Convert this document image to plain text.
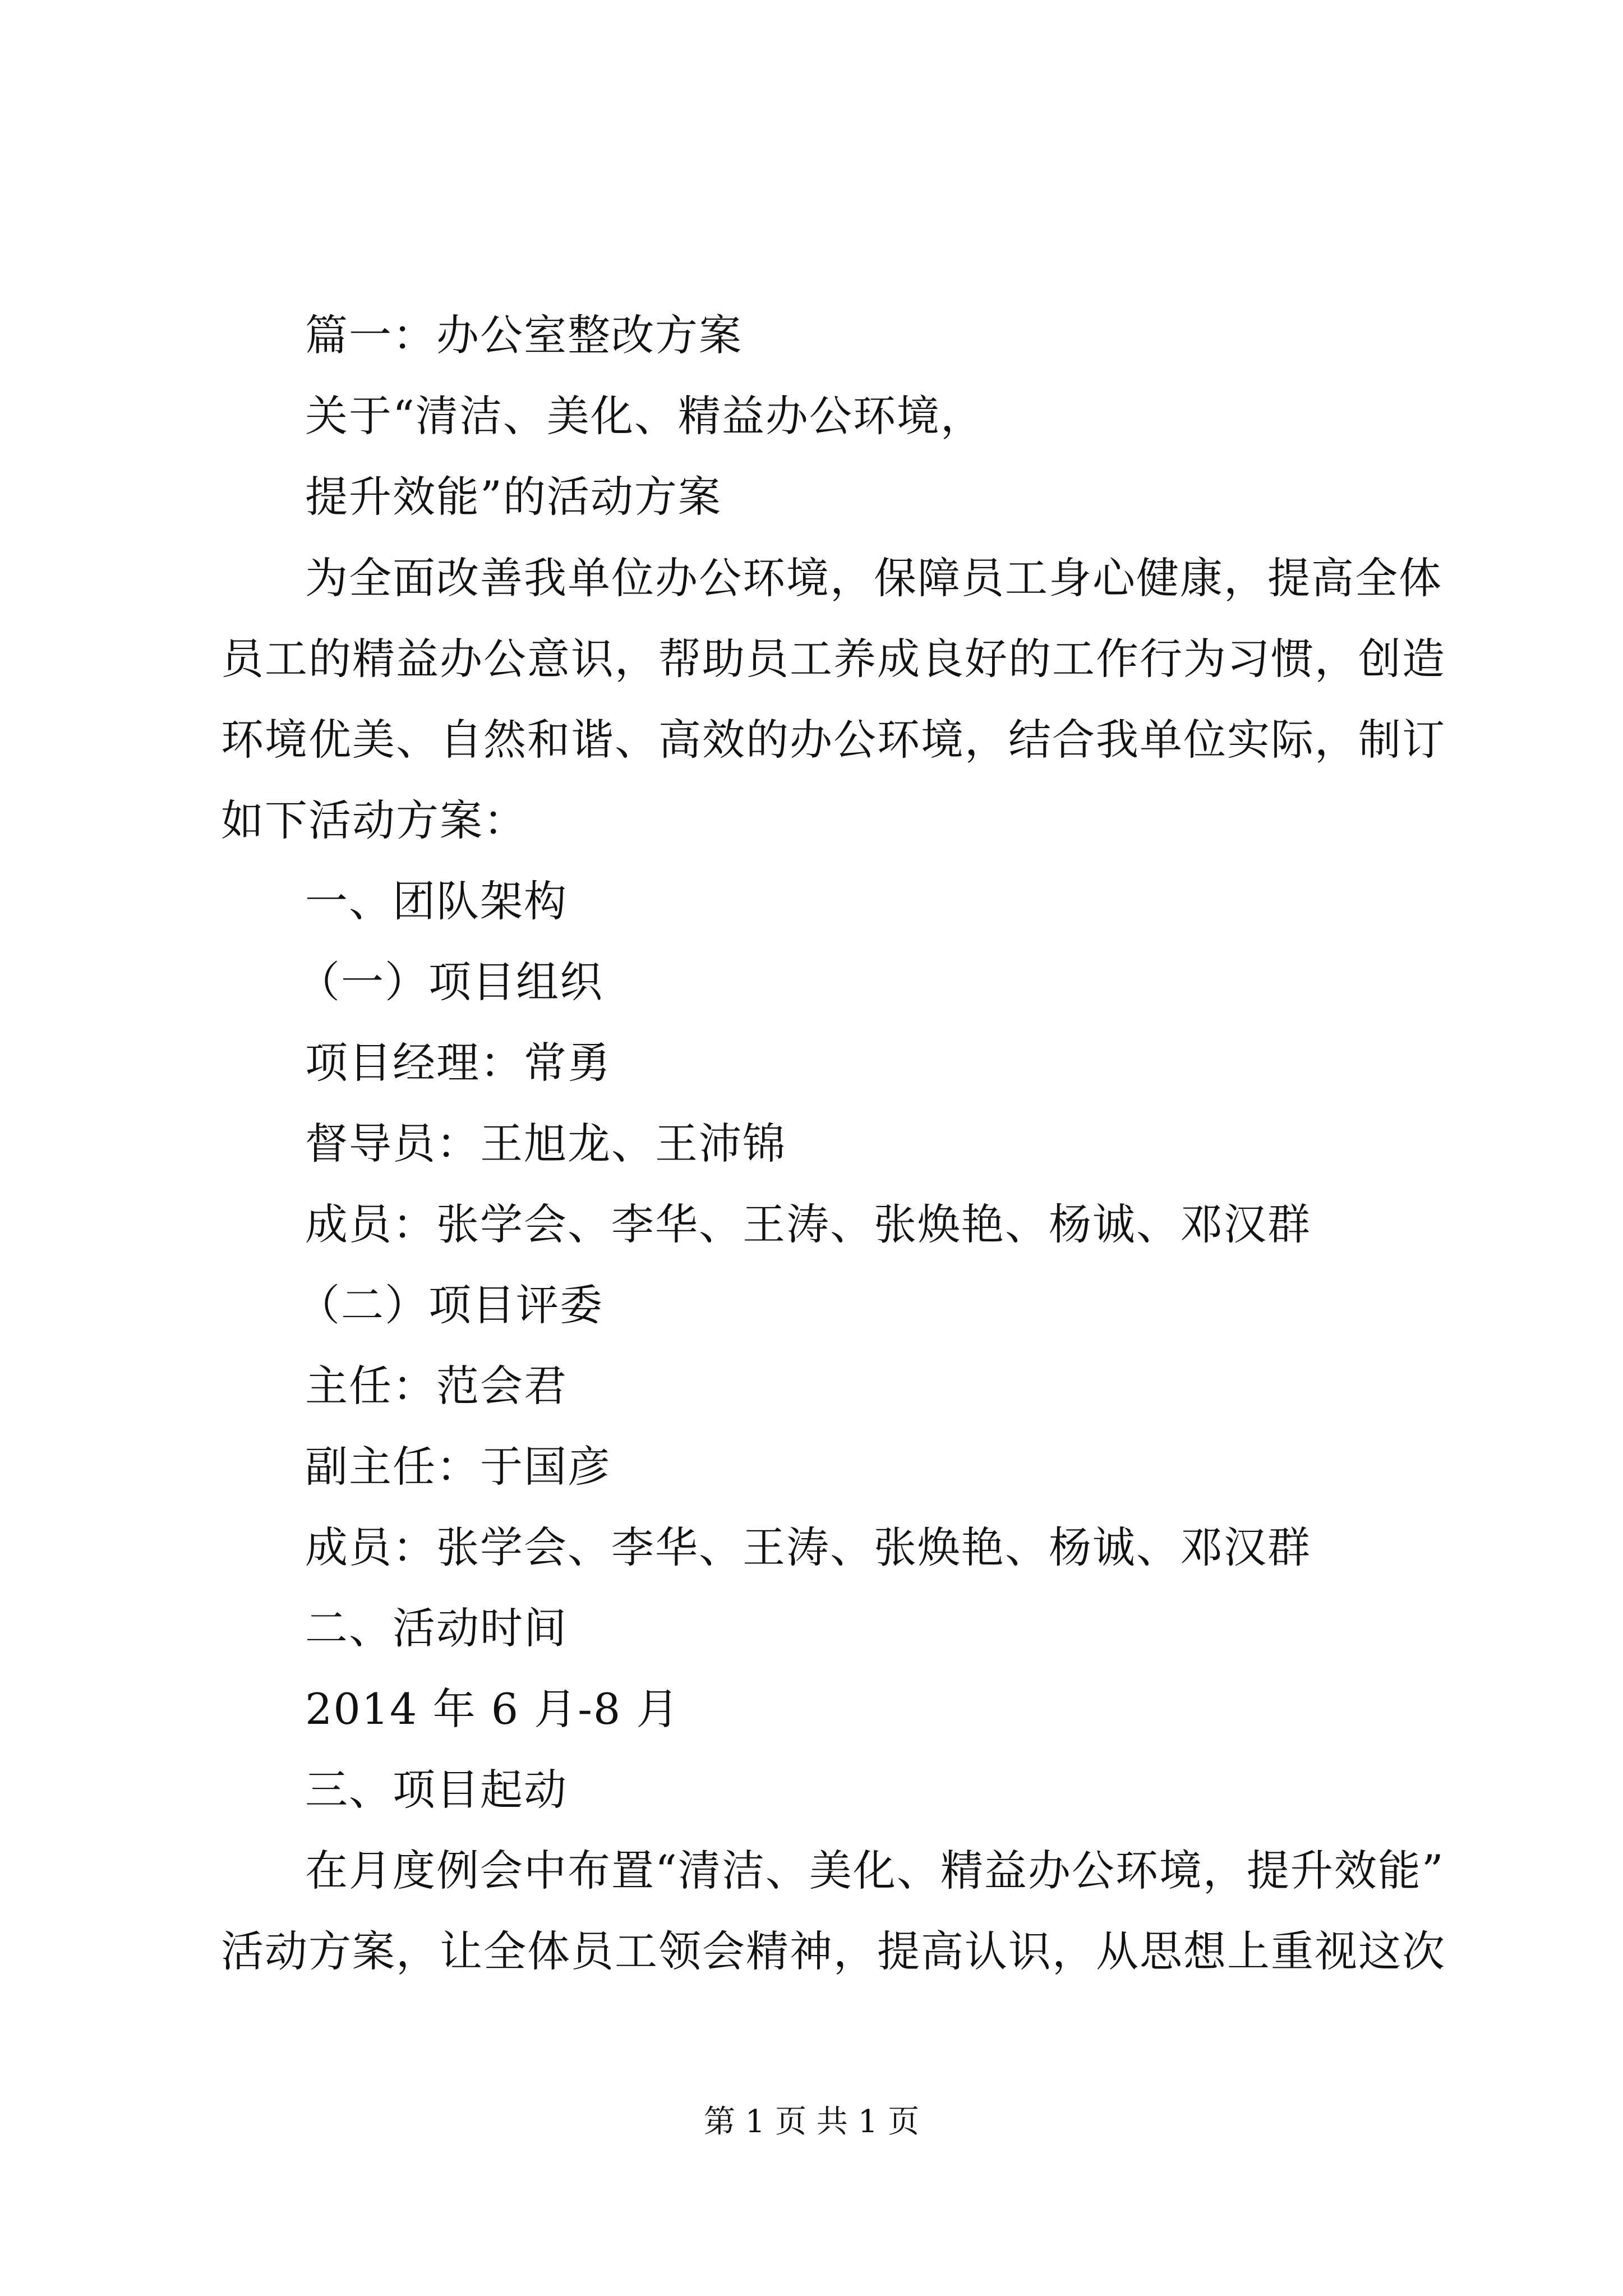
篇一：办公室整改方案
关于“清洁、美化、精益办公环境，
提升效能”的活动方案
为全面改善我单位办公环境，保障员工身心健康，提高全体
员工的精益办公意识，帮助员工养成良好的工作行为习惯，创造
环境优美、自然和谐、高效的办公环境，结合我单位实际，制订
如下活动方案：
一、团队架构
（一）项目组织
项目经理：常勇
督导员：王旭龙、王沛锦
成员：张学会、李华、王涛、张焕艳、杨诚、邓汉群
（二）项目评委
主任：范会君
副主任：于国彦
成员：张学会、李华、王涛、张焕艳、杨诚、邓汉群
二、活动时间
2014 年 6 月-8 月
三、项目起动
在月度例会中布置“清洁、美化、精益办公环境，提升效能”
活动方案，让全体员工领会精神，提高认识，从思想上重视这次
第 1 页 共 1 页
